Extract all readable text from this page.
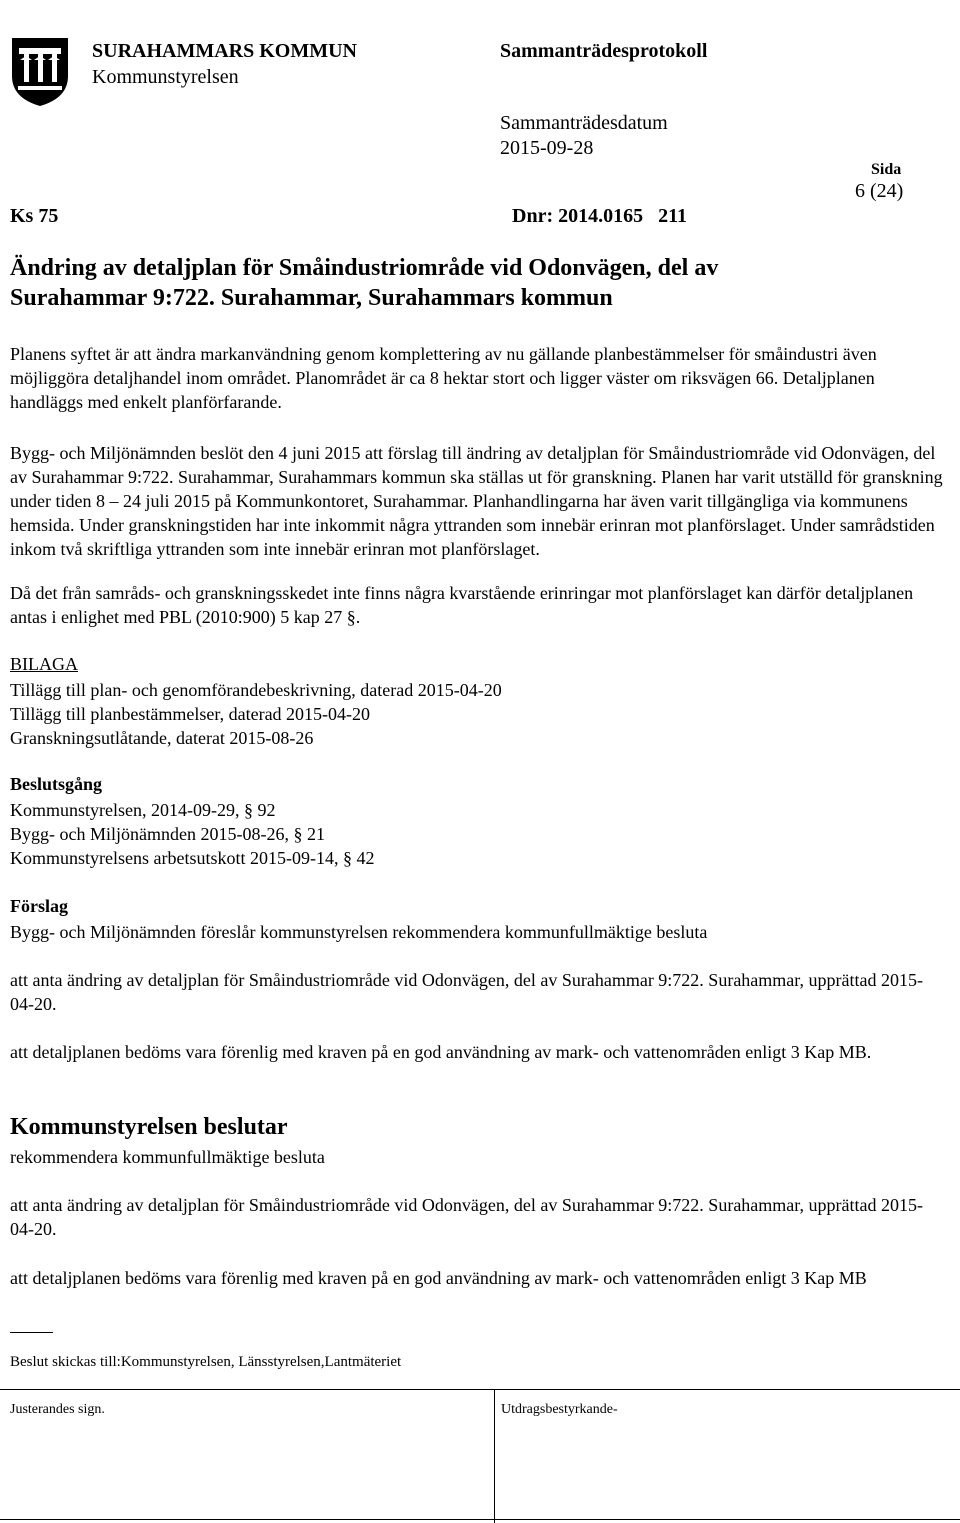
SURAHAMMARS KOMMUN
Kommunstyrelsen
Sammanträdesprotokoll
Sammanträdesdatum
2015-09-28
Sida
6 (24)
Ks 75	Dnr: 2014.0165   211
Ändring av detaljplan för Småindustriområde vid Odonvägen, del av Surahammar 9:722. Surahammar, Surahammars kommun
Planens syftet är att ändra markanvändning genom komplettering av nu gällande planbestämmelser för småindustri även möjliggöra detaljhandel inom området. Planområdet är ca 8 hektar stort och ligger väster om riksvägen 66. Detaljplanen handläggs med enkelt planförfarande.
Bygg- och Miljönämnden beslöt den 4 juni 2015 att förslag till ändring av detaljplan för Småindustriområde vid Odonvägen, del av Surahammar 9:722. Surahammar, Surahammars kommun ska ställas ut för granskning. Planen har varit utställd för granskning under tiden 8 – 24 juli 2015 på Kommunkontoret, Surahammar. Planhandlingarna har även varit tillgängliga via kommunens hemsida. Under granskningstiden har inte inkommit några yttranden som innebär erinran mot planförslaget. Under samrådstiden inkom två skriftliga yttranden som inte innebär erinran mot planförslaget.
Då det från samråds- och granskningsskedet inte finns några kvarstående erinringar mot planförslaget kan därför detaljplanen antas i enlighet med PBL (2010:900) 5 kap 27 §.
BILAGA
Tillägg till plan- och genomförandebeskrivning, daterad 2015-04-20
Tillägg till planbestämmelser, daterad 2015-04-20
Granskningsutlåtande, daterat 2015-08-26
Beslutsgång
Kommunstyrelsen, 2014-09-29, § 92
Bygg- och Miljönämnden 2015-08-26, § 21
Kommunstyrelsens arbetsutskott 2015-09-14, § 42
Förslag
Bygg- och Miljönämnden föreslår kommunstyrelsen rekommendera kommunfullmäktige besluta
att anta ändring av detaljplan för Småindustriområde vid Odonvägen, del av Surahammar 9:722. Surahammar, upprättad 2015-04-20.
att detaljplanen bedöms vara förenlig med kraven på en god användning av mark- och vattenområden enligt 3 Kap MB.
Kommunstyrelsen beslutar
rekommendera kommunfullmäktige besluta
att anta ändring av detaljplan för Småindustriområde vid Odonvägen, del av Surahammar 9:722. Surahammar, upprättad 2015-04-20.
att detaljplanen bedöms vara förenlig med kraven på en god användning av mark- och vattenområden enligt 3 Kap MB
Beslut skickas till:Kommunstyrelsen, Länsstyrelsen,Lantmäteriet
Justerandes sign.	Utdragsbestyrkande-
